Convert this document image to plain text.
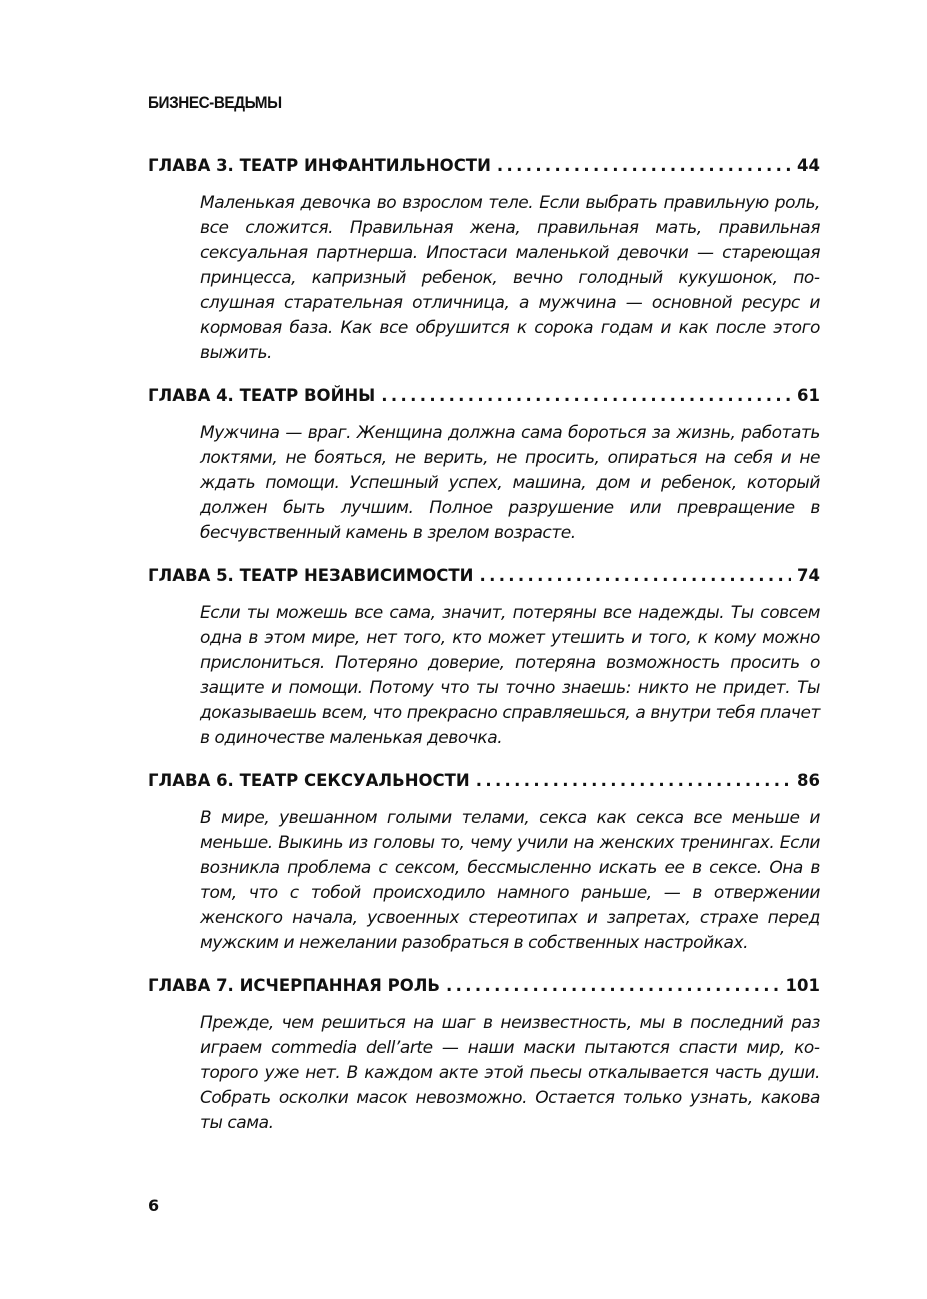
БИЗНЕС-ВЕДЬМЫ
ГЛАВА 3. ТЕАТР ИНФАНТИЛЬНОСТИ . . .	44
Маленькая девочка во взрослом теле. Если выбрать правильную роль, все сложится. Правильная жена, правильная мать, правильная сексуальная партнерша. Ипостаси маленькой девочки — стареющая принцесса, капризный ребенок, вечно голодный кукушонок, послушная старательная отличница, а мужчина — основной ресурс и кормовая база. Как все обрушится к сорока годам и как после этого выжить.
ГЛАВА 4. ТЕАТР ВОЙНЫ . . .	61
Мужчина — враг. Женщина должна сама бороться за жизнь, работать локтями, не бояться, не верить, не просить, опираться на себя и не ждать помощи. Успешный успех, машина, дом и ребенок, который должен быть лучшим. Полное разрушение или превращение в бесчувственный камень в зрелом возрасте.
ГЛАВА 5. ТЕАТР НЕЗАВИСИМОСТИ . . .	74
Если ты можешь все сама, значит, потеряны все надежды. Ты совсем одна в этом мире, нет того, кто может утешить и того, к кому можно прислониться. Потеряно доверие, потеряна возможность просить о защите и помощи. Потому что ты точно знаешь: никто не придет. Ты доказываешь всем, что прекрасно справляешься, а внутри тебя плачет в одиночестве маленькая девочка.
ГЛАВА 6. ТЕАТР СЕКСУАЛЬНОСТИ . . .	86
В мире, увешанном голыми телами, секса как секса все меньше и меньше. Выкинь из головы то, чему учили на женских тренингах. Если возникла проблема с сексом, бессмысленно искать ее в сексе. Она в том, что с тобой происходило намного раньше, — в отвержении женского начала, усвоенных стереотипах и запретах, страхе перед мужским и нежелании разобраться в собственных настройках.
ГЛАВА 7. ИСЧЕРПАННАЯ РОЛЬ . . .	101
Прежде, чем решиться на шаг в неизвестность, мы в последний раз играем commedia dell’arte — наши маски пытаются спасти мир, которого уже нет. В каждом акте этой пьесы откалывается часть души. Собрать осколки масок невозможно. Остается только узнать, какова ты сама.
6
